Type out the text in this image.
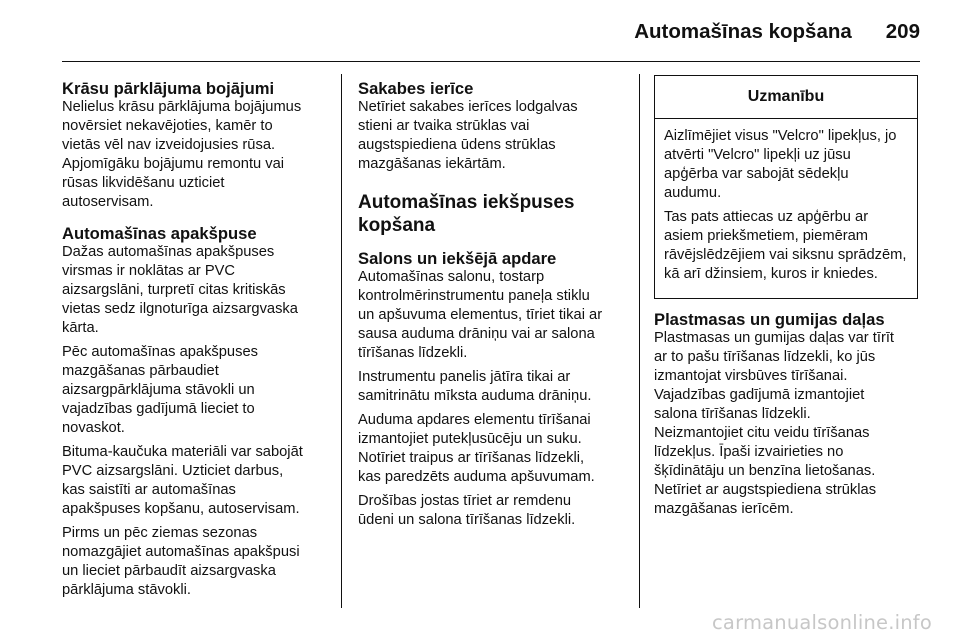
Automašīnas kopšana 209
Krāsu pārklājuma bojājumi

Nelielus krāsu pārklājuma bojājumus
novērsiet nekavējoties, kamēr to
vietās vēl nav izveidojusies rūsa.
Apjomīgāku bojājumu remontu vai
rūsas likvidēšanu uzticiet
autoservisam.

Automašīnas apakšpuse

Dažas automašīnas apakšpuses
virsmas ir noklātas ar PVC
aizsargslāni, turpretī citas kritiskās
vietas sedz ilgnoturīga aizsargvaska
kārta.

Pēc automašīnas apakšpuses
mazgāšanas pārbaudiet
aizsargpārklājuma stāvokli un
vajadzības gadījumā lieciet to
novaskot.

Bituma-kaučuka materiāli var sabojāt
PVC aizsargslāni. Uzticiet darbus,
kas saistīti ar automašīnas
apakšpuses kopšanu, autoservisam.

Pirms un pēc ziemas sezonas
nomazgājiet automašīnas apakšpusi
un lieciet pārbaudīt aizsargvaska
pārklājuma stāvokli.

Sakabes ierīce

Netīriet sakabes ierīces lodgalvas
stieni ar tvaika strūklas vai
augstspiediena ūdens strūklas
mazgāšanas iekārtām.

Automašīnas iekšpuses
kopšana
Salons un iekšējā apdare

Automašīnas salonu, tostarp
kontrolmērinstrumentu paneļa stiklu
un apšuvuma elementus, tīriet tikai ar
sausa auduma drāniņu vai ar salona
tīrīšanas līdzekli.

Instrumentu panelis jātīra tikai ar
samitrinātu mīksta auduma drāniņu.

Auduma apdares elementu tīrīšanai
izmantojiet putekļusūcēju un suku.
Notīriet traipus ar tīrīšanas līdzekli,
kas paredzēts auduma apšuvumam.

Drošības jostas tīriet ar remdenu
ūdeni un salona tīrīšanas līdzekli.

Uzmanību

Aizlīmējiet visus "Velcro" lipekļus, jo atvērti "Velcro" lipekļi uz jūsu apģērba var sabojāt sēdekļu audumu.

Tas pats attiecas uz apģērbu ar asiem priekšmetiem, piemēram rāvējslēdzējiem vai siksnu sprādzēm, kā arī džinsiem, kuros ir kniedes.

Plastmasas un gumijas daļas

Plastmasas un gumijas daļas var tīrīt
ar to pašu tīrīšanas līdzekli, ko jūs
izmantojat virsbūves tīrīšanai.
Vajadzības gadījumā izmantojiet
salona tīrīšanas līdzekli.
Neizmantojiet citu veidu tīrīšanas
līdzekļus. Īpaši izvairieties no
šķīdinātāju un benzīna lietošanas.
Netīriet ar augstspiediena strūklas
mazgāšanas ierīcēm.

carmanualsonline.info
